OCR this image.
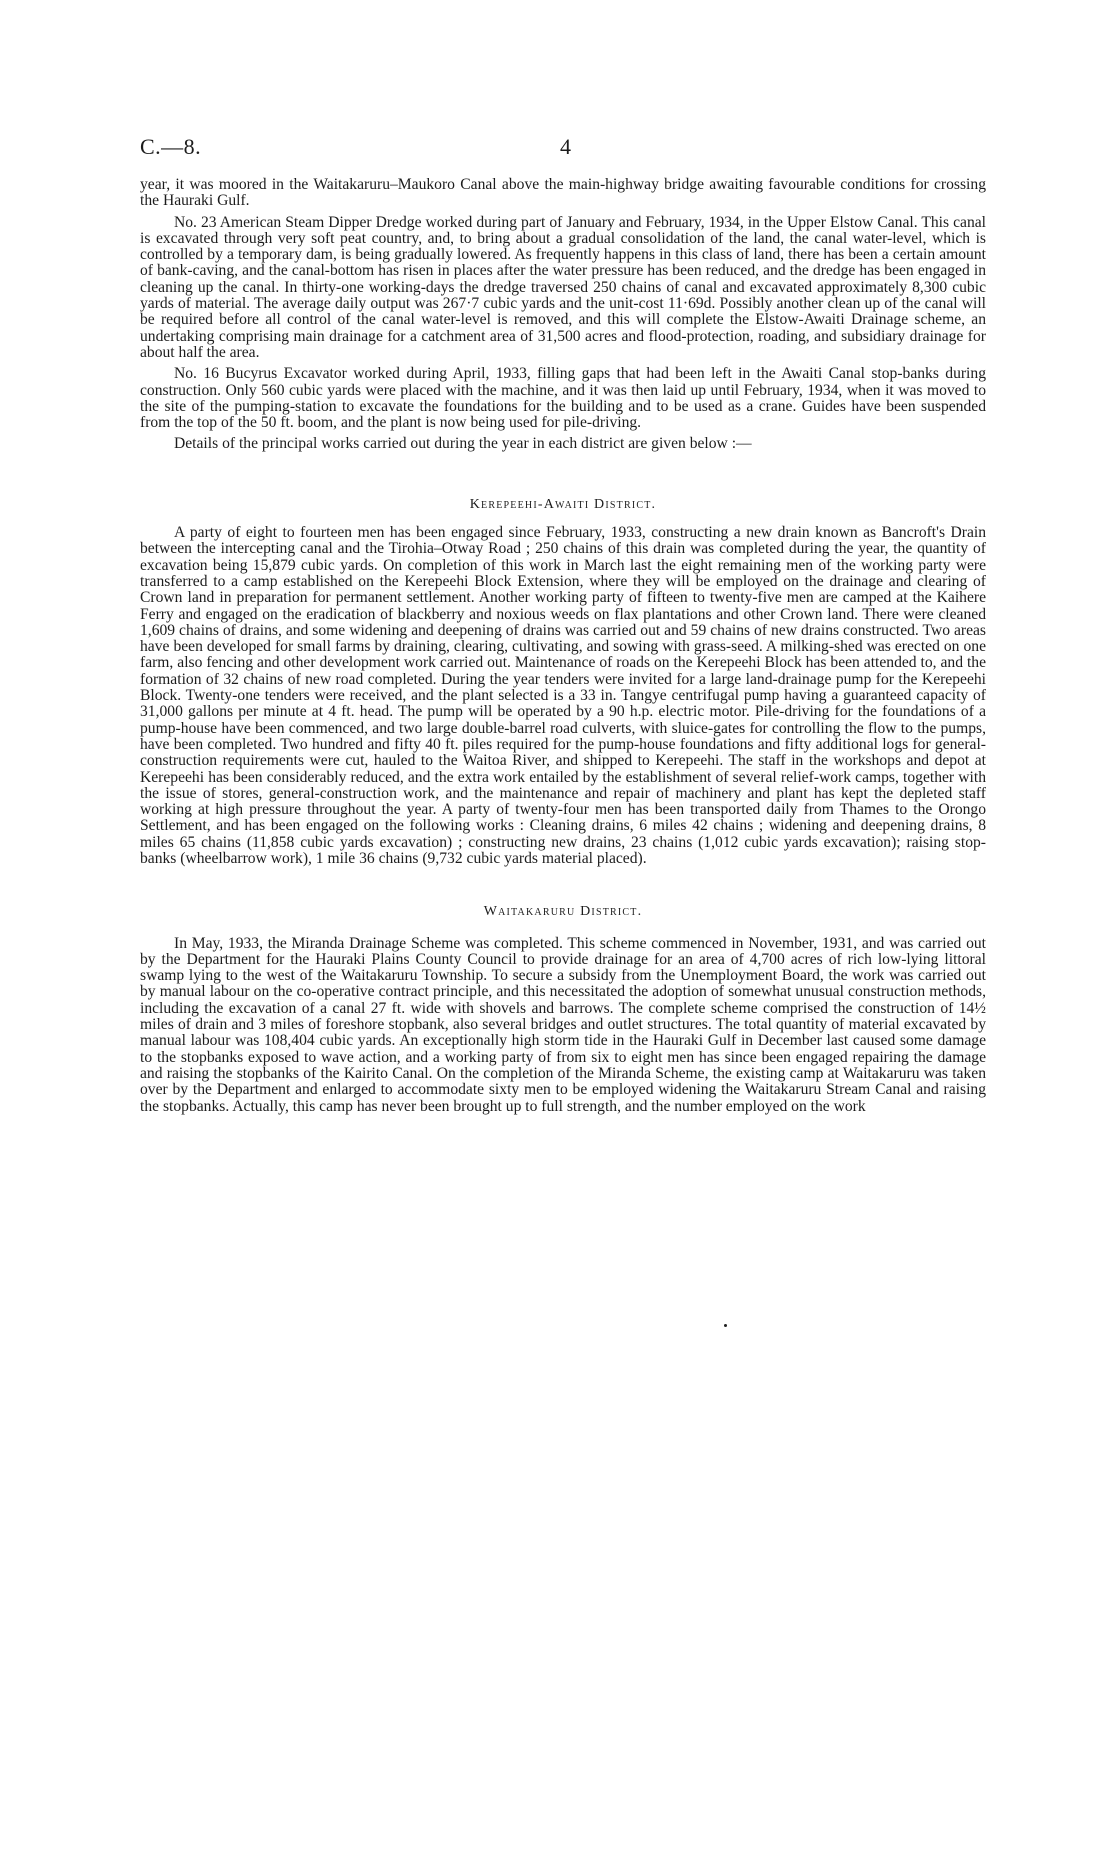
C.—8.	4

year, it was moored in the Waitakaruru–Maukoro Canal above the main-highway bridge awaiting favourable conditions for crossing the Hauraki Gulf.

No. 23 American Steam Dipper Dredge worked during part of January and February, 1934, in the Upper Elstow Canal. This canal is excavated through very soft peat country, and, to bring about a gradual consolidation of the land, the canal water-level, which is controlled by a temporary dam, is being gradually lowered. As frequently happens in this class of land, there has been a certain amount of bank-caving, and the canal-bottom has risen in places after the water pressure has been reduced, and the dredge has been engaged in cleaning up the canal. In thirty-one working-days the dredge traversed 250 chains of canal and excavated approximately 8,300 cubic yards of material. The average daily output was 267·7 cubic yards and the unit-cost 11·69d. Possibly another clean up of the canal will be required before all control of the canal water-level is removed, and this will complete the Elstow-Awaiti Drainage scheme, an undertaking comprising main drainage for a catchment area of 31,500 acres and flood-protection, roading, and subsidiary drainage for about half the area.

No. 16 Bucyrus Excavator worked during April, 1933, filling gaps that had been left in the Awaiti Canal stop-banks during construction. Only 560 cubic yards were placed with the machine, and it was then laid up until February, 1934, when it was moved to the site of the pumping-station to excavate the foundations for the building and to be used as a crane. Guides have been suspended from the top of the 50 ft. boom, and the plant is now being used for pile-driving.

Details of the principal works carried out during the year in each district are given below :—

Kerepeehi-Awaiti District.

A party of eight to fourteen men has been engaged since February, 1933, constructing a new drain known as Bancroft's Drain between the intercepting canal and the Tirohia–Otway Road ; 250 chains of this drain was completed during the year, the quantity of excavation being 15,879 cubic yards. On completion of this work in March last the eight remaining men of the working party were transferred to a camp established on the Kerepeehi Block Extension, where they will be employed on the drainage and clearing of Crown land in preparation for permanent settlement. Another working party of fifteen to twenty-five men are camped at the Kaihere Ferry and engaged on the eradication of blackberry and noxious weeds on flax plantations and other Crown land. There were cleaned 1,609 chains of drains, and some widening and deepening of drains was carried out and 59 chains of new drains constructed. Two areas have been developed for small farms by draining, clearing, cultivating, and sowing with grass-seed. A milking-shed was erected on one farm, also fencing and other development work carried out. Maintenance of roads on the Kerepeehi Block has been attended to, and the formation of 32 chains of new road completed. During the year tenders were invited for a large land-drainage pump for the Kerepeehi Block. Twenty-one tenders were received, and the plant selected is a 33 in. Tangye centrifugal pump having a guaranteed capacity of 31,000 gallons per minute at 4 ft. head. The pump will be operated by a 90 h.p. electric motor. Pile-driving for the foundations of a pump-house have been commenced, and two large double-barrel road culverts, with sluice-gates for controlling the flow to the pumps, have been completed. Two hundred and fifty 40 ft. piles required for the pump-house foundations and fifty additional logs for general-construction requirements were cut, hauled to the Waitoa River, and shipped to Kerepeehi. The staff in the workshops and depot at Kerepeehi has been considerably reduced, and the extra work entailed by the establishment of several relief-work camps, together with the issue of stores, general-construction work, and the maintenance and repair of machinery and plant has kept the depleted staff working at high pressure throughout the year. A party of twenty-four men has been transported daily from Thames to the Orongo Settlement, and has been engaged on the following works : Cleaning drains, 6 miles 42 chains ; widening and deepening drains, 8 miles 65 chains (11,858 cubic yards excavation) ; constructing new drains, 23 chains (1,012 cubic yards excavation); raising stop-banks (wheelbarrow work), 1 mile 36 chains (9,732 cubic yards material placed).

Waitakaruru District.

In May, 1933, the Miranda Drainage Scheme was completed. This scheme commenced in November, 1931, and was carried out by the Department for the Hauraki Plains County Council to provide drainage for an area of 4,700 acres of rich low-lying littoral swamp lying to the west of the Waitakaruru Township. To secure a subsidy from the Unemployment Board, the work was carried out by manual labour on the co-operative contract principle, and this necessitated the adoption of somewhat unusual construction methods, including the excavation of a canal 27 ft. wide with shovels and barrows. The complete scheme comprised the construction of 14½ miles of drain and 3 miles of foreshore stopbank, also several bridges and outlet structures. The total quantity of material excavated by manual labour was 108,404 cubic yards. An exceptionally high storm tide in the Hauraki Gulf in December last caused some damage to the stopbanks exposed to wave action, and a working party of from six to eight men has since been engaged repairing the damage and raising the stopbanks of the Kairito Canal. On the completion of the Miranda Scheme, the existing camp at Waitakaruru was taken over by the Department and enlarged to accommodate sixty men to be employed widening the Waitakaruru Stream Canal and raising the stopbanks. Actually, this camp has never been brought up to full strength, and the number employed on the work
